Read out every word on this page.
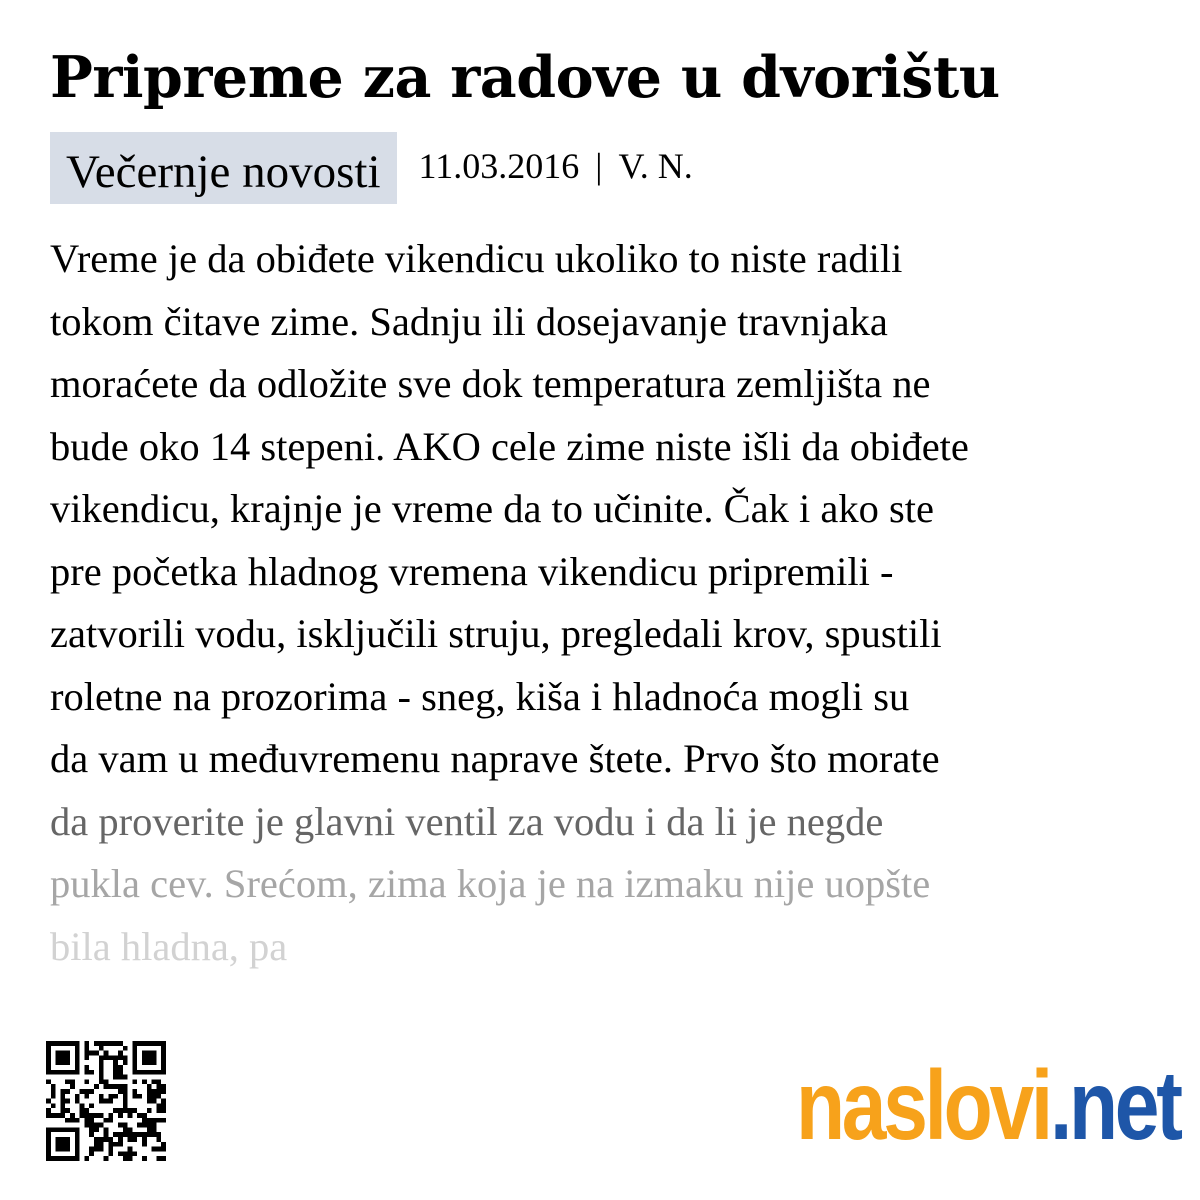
Pripreme za radove u dvorištu
Večernje novosti	11.03.2016 | V. N.
Vreme je da obiđete vikendicu ukoliko to niste radili
tokom čitave zime. Sadnju ili dosejavanje travnjaka
moraćete da odložite sve dok temperatura zemljišta ne
bude oko 14 stepeni. AKO cele zime niste išli da obiđete
vikendicu, krajnje je vreme da to učinite. Čak i ako ste
pre početka hladnog vremena vikendicu pripremili -
zatvorili vodu, isključili struju, pregledali krov, spustili
roletne na prozorima - sneg, kiša i hladnoća mogli su
da vam u međuvremenu naprave štete. Prvo što morate
da proverite je glavni ventil za vodu i da li je negde
pukla cev. Srećom, zima koja je na izmaku nije uopšte
bila hladna, pa
naslovi.net
